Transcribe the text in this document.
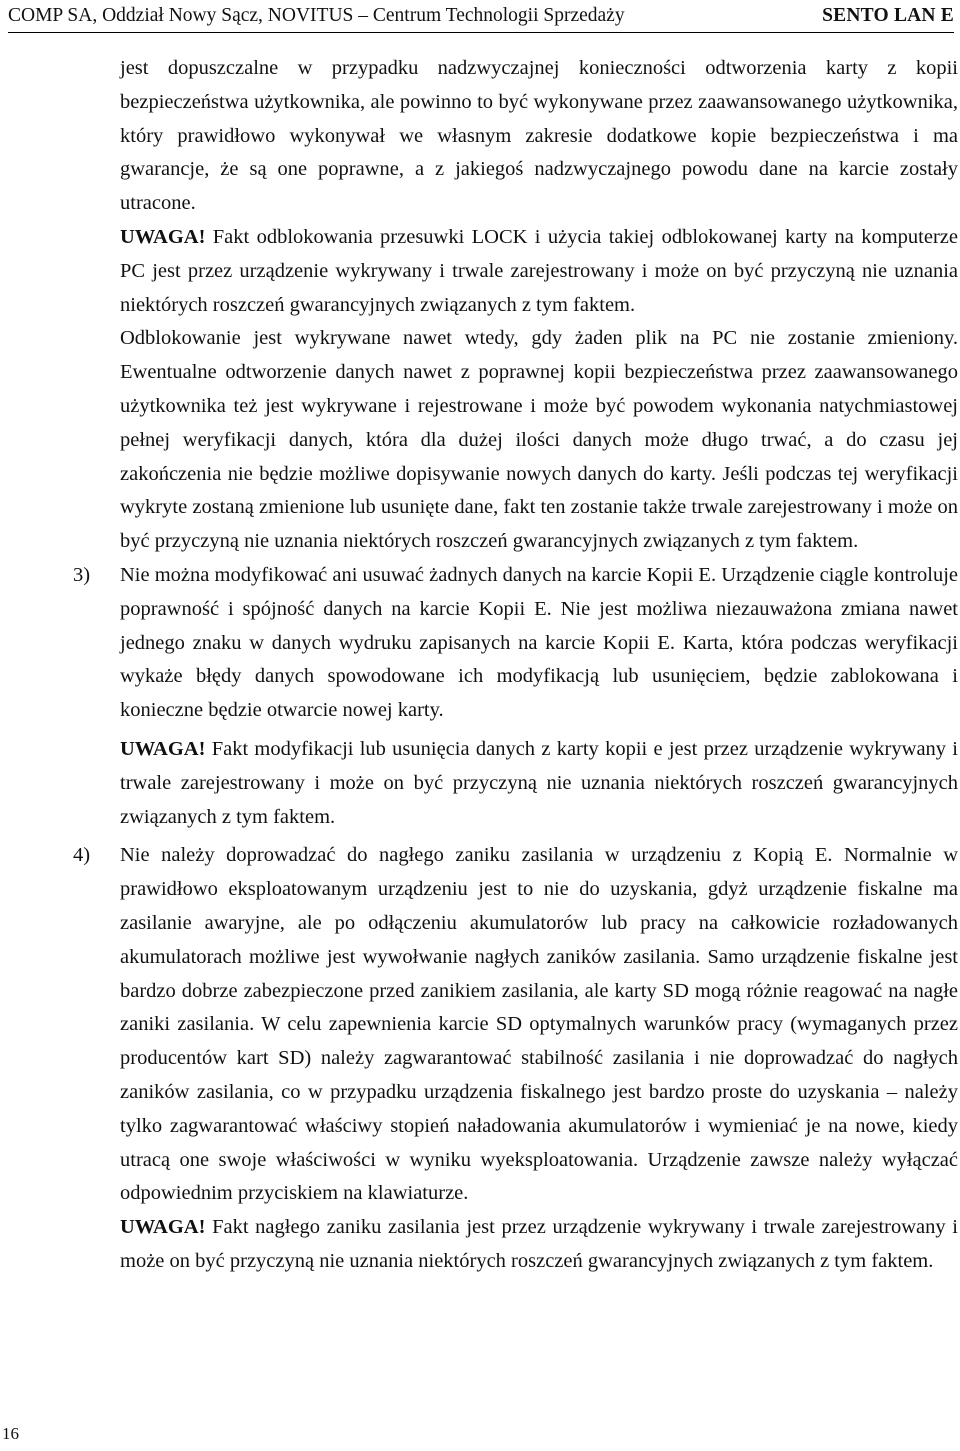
COMP SA, Oddział Nowy Sącz, NOVITUS – Centrum Technologii Sprzedaży	SENTO LAN E

jest dopuszczalne w przypadku nadzwyczajnej konieczności odtworzenia karty z kopii bezpieczeństwa użytkownika, ale powinno to być wykonywane przez zaawansowanego użytkownika, który prawidłowo wykonywał we własnym zakresie dodatkowe kopie bezpieczeństwa i ma gwarancje, że są one poprawne, a z jakiegoś nadzwyczajnego powodu dane na karcie zostały utracone.

UWAGA! Fakt odblokowania przesuwki LOCK i użycia takiej odblokowanej karty na komputerze PC jest przez urządzenie wykrywany i trwale zarejestrowany i może on być przyczyną nie uznania niektórych roszczeń gwarancyjnych związanych z tym faktem.

Odblokowanie jest wykrywane nawet wtedy, gdy żaden plik na PC nie zostanie zmieniony. Ewentualne odtworzenie danych nawet z poprawnej kopii bezpieczeństwa przez zaawansowanego użytkownika też jest wykrywane i rejestrowane i może być powodem wykonania natychmiastowej pełnej weryfikacji danych, która dla dużej ilości danych może długo trwać, a do czasu jej zakończenia nie będzie możliwe dopisywanie nowych danych do karty. Jeśli podczas tej weryfikacji wykryte zostaną zmienione lub usunięte dane, fakt ten zostanie także trwale zarejestrowany i może on być przyczyną nie uznania niektórych roszczeń gwarancyjnych związanych z tym faktem.

3) Nie można modyfikować ani usuwać żadnych danych na karcie Kopii E. Urządzenie ciągle kontroluje poprawność i spójność danych na karcie Kopii E. Nie jest możliwa niezauważona zmiana nawet jednego znaku w danych wydruku zapisanych na karcie Kopii E. Karta, która podczas weryfikacji wykaże błędy danych spowodowane ich modyfikacją lub usunięciem, będzie zablokowana i konieczne będzie otwarcie nowej karty.

UWAGA! Fakt modyfikacji lub usunięcia danych z karty kopii e jest przez urządzenie wykrywany i trwale zarejestrowany i może on być przyczyną nie uznania niektórych roszczeń gwarancyjnych związanych z tym faktem.

4) Nie należy doprowadzać do nagłego zaniku zasilania w urządzeniu z Kopią E. Normalnie w prawidłowo eksploatowanym urządzeniu jest to nie do uzyskania, gdyż urządzenie fiskalne ma zasilanie awaryjne, ale po odłączeniu akumulatorów lub pracy na całkowicie rozładowanych akumulatorach możliwe jest wywołwanie nagłych zaników zasilania. Samo urządzenie fiskalne jest bardzo dobrze zabezpieczone przed zanikiem zasilania, ale karty SD mogą różnie reagować na nagłe zaniki zasilania. W celu zapewnienia karcie SD optymalnych warunków pracy (wymaganych przez producentów kart SD) należy zagwarantować stabilność zasilania i nie doprowadzać do nagłych zaników zasilania, co w przypadku urządzenia fiskalnego jest bardzo proste do uzyskania – należy tylko zagwarantować właściwy stopień naładowania akumulatorów i wymieniać je na nowe, kiedy utracą one swoje właściwości w wyniku wyeksploatowania. Urządzenie zawsze należy wyłączać odpowiednim przyciskiem na klawiaturze.

UWAGA! Fakt nagłego zaniku zasilania jest przez urządzenie wykrywany i trwale zarejestrowany i może on być przyczyną nie uznania niektórych roszczeń gwarancyjnych związanych z tym faktem.

16
